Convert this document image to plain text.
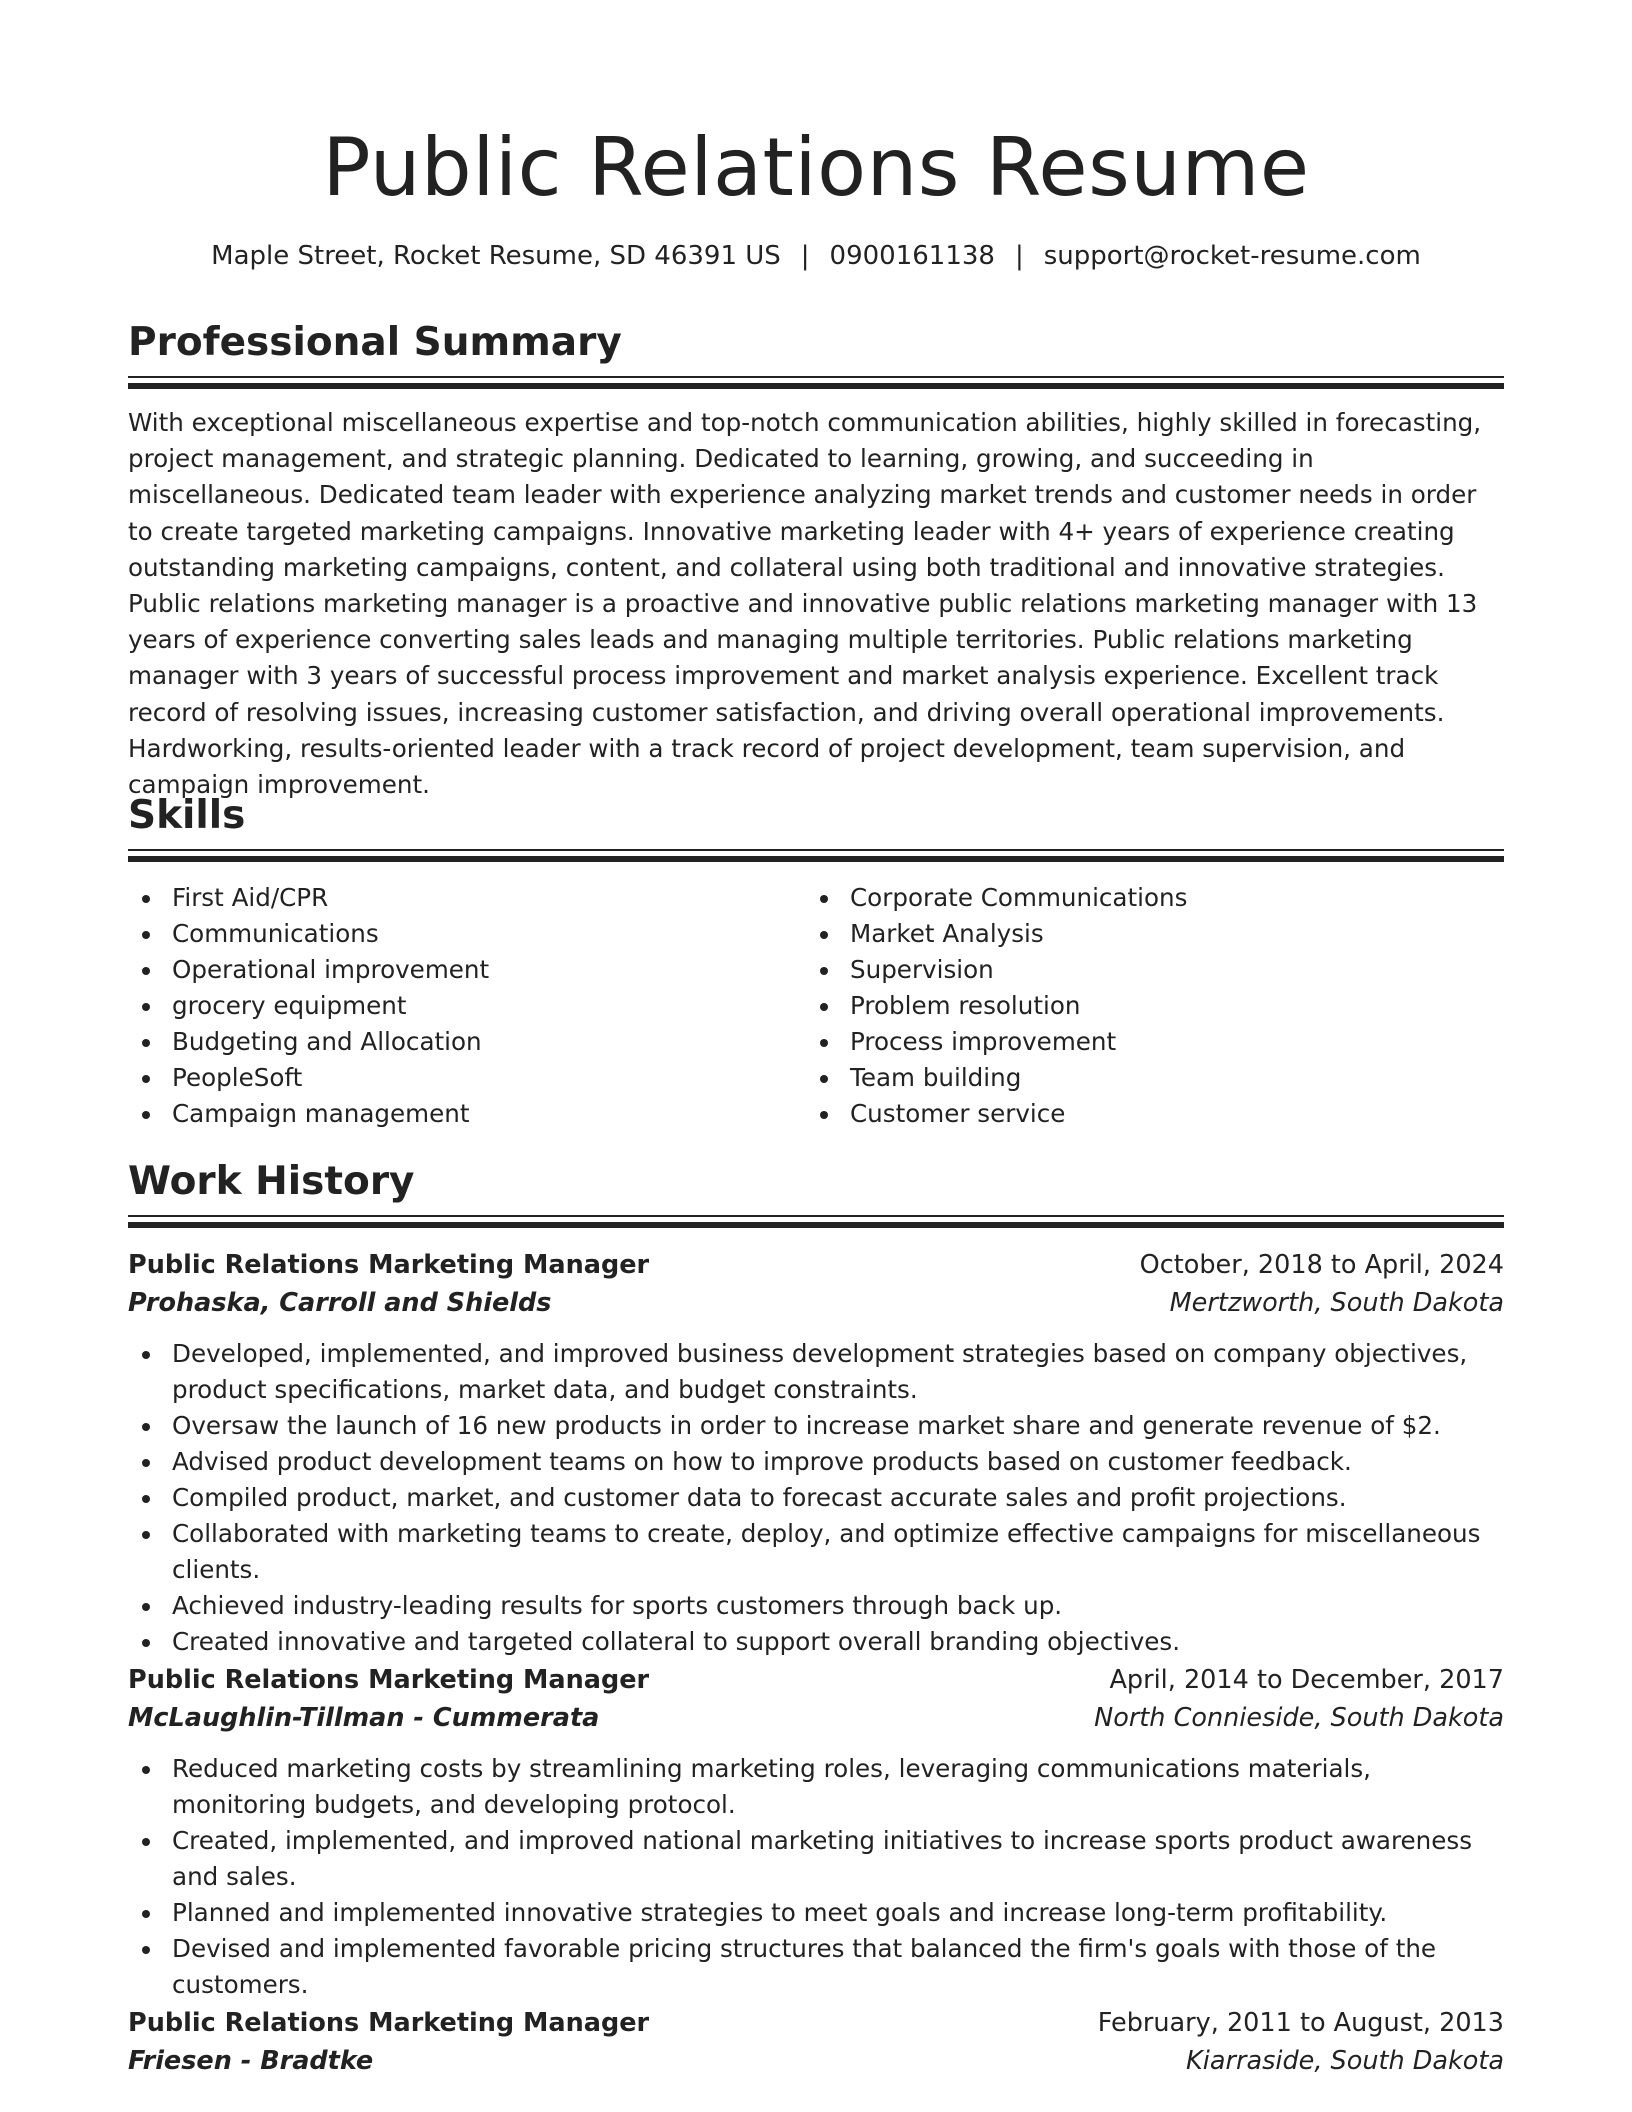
Public Relations Resume
Maple Street, Rocket Resume, SD 46391 US | 0900161138 | support@rocket-resume.com
Professional Summary

With exceptional miscellaneous expertise and top-notch communication abilities, highly skilled in forecasting, project management, and strategic planning. Dedicated to learning, growing, and succeeding in miscellaneous. Dedicated team leader with experience analyzing market trends and customer needs in order to create targeted marketing campaigns. Innovative marketing leader with 4+ years of experience creating outstanding marketing campaigns, content, and collateral using both traditional and innovative strategies. Public relations marketing manager is a proactive and innovative public relations marketing manager with 13 years of experience converting sales leads and managing multiple territories. Public relations marketing manager with 3 years of successful process improvement and market analysis experience. Excellent track record of resolving issues, increasing customer satisfaction, and driving overall operational improvements. Hardworking, results-oriented leader with a track record of project development, team supervision, and campaign improvement.

Skills
First Aid/CPR
Communications
Operational improvement
grocery equipment
Budgeting and Allocation
PeopleSoft
Campaign management
Corporate Communications
Market Analysis
Supervision
Problem resolution
Process improvement
Team building
Customer service
Work History
Public Relations Marketing Manager	October, 2018 to April, 2024
Prohaska, Carroll and Shields	Mertzworth, South Dakota
Developed, implemented, and improved business development strategies based on company objectives, product specifications, market data, and budget constraints.
Oversaw the launch of 16 new products in order to increase market share and generate revenue of $2.
Advised product development teams on how to improve products based on customer feedback.
Compiled product, market, and customer data to forecast accurate sales and profit projections.
Collaborated with marketing teams to create, deploy, and optimize effective campaigns for miscellaneous clients.
Achieved industry-leading results for sports customers through back up.
Created innovative and targeted collateral to support overall branding objectives.
Public Relations Marketing Manager	April, 2014 to December, 2017
McLaughlin-Tillman - Cummerata	North Connieside, South Dakota
Reduced marketing costs by streamlining marketing roles, leveraging communications materials, monitoring budgets, and developing protocol.
Created, implemented, and improved national marketing initiatives to increase sports product awareness and sales.
Planned and implemented innovative strategies to meet goals and increase long-term profitability.
Devised and implemented favorable pricing structures that balanced the firm's goals with those of the customers.
Public Relations Marketing Manager	February, 2011 to August, 2013
Friesen - Bradtke	Kiarraside, South Dakota
